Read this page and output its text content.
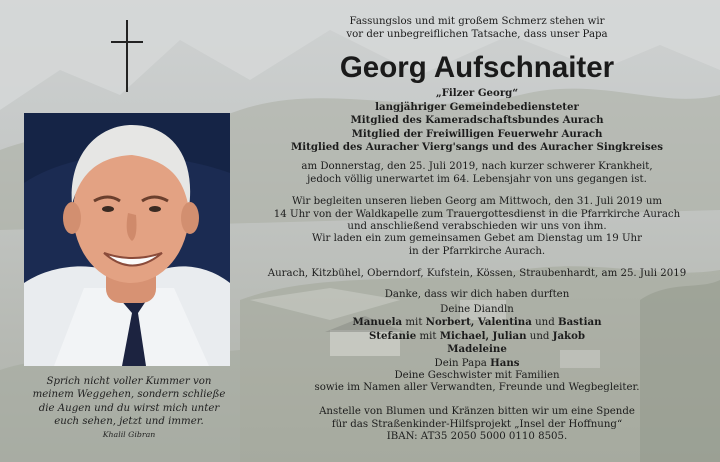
Sprich nicht voller Kummer von
meinem Weggehen, sondern schließe
die Augen und du wirst mich unter
euch sehen, jetzt und immer.
Khalil Gibran
Fassungslos und mit großem Schmerz stehen wir
vor der unbegreiflichen Tatsache, dass unser Papa
Georg Aufschnaiter
„Filzer Georg“
langjähriger Gemeindebediensteter
Mitglied des Kameradschaftsbundes Aurach
Mitglied der Freiwilligen Feuerwehr Aurach
Mitglied des Auracher Vierg'sangs und des Auracher Singkreises
am Donnerstag, den 25. Juli 2019, nach kurzer schwerer Krankheit,
jedoch völlig unerwartet im 64. Lebensjahr von uns gegangen ist.
Wir begleiten unseren lieben Georg am Mittwoch, den 31. Juli 2019 um
14 Uhr von der Waldkapelle zum Trauergottesdienst in die Pfarrkirche Aurach
und anschließend verabschieden wir uns von ihm.
Wir laden ein zum gemeinsamen Gebet am Dienstag um 19 Uhr
in der Pfarrkirche Aurach.
Aurach, Kitzbühel, Oberndorf, Kufstein, Kössen, Straubenhardt, am 25. Juli 2019
Danke, dass wir dich haben durften
Deine Diandln
Manuela mit Norbert, Valentina und Bastian
Stefanie mit Michael, Julian und Jakob
Madeleine
Dein Papa Hans
Deine Geschwister mit Familien
sowie im Namen aller Verwandten, Freunde und Wegbegleiter.
Anstelle von Blumen und Kränzen bitten wir um eine Spende
für das Straßenkinder-Hilfsprojekt „Insel der Hoffnung“
IBAN: AT35 2050 5000 0110 8505.
